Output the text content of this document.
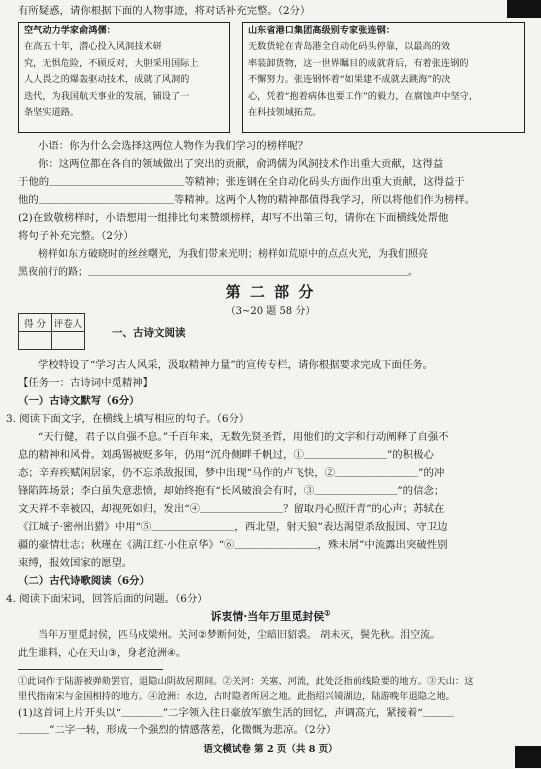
有所疑惑，请你根据下面的人物事迹，将对话补充完整。（2分）
空气动力学家俞鸿儒：
在高五十年，潜心投入风洞技术研
究，无惧危险，不顾反对，大胆采用国际上
人人畏之的爆轰驱动技术，成就了风洞的
迭代，为我国航天事业的发展，铺设了一
条坚实道路。
山东省港口集团高级别专家张连钢：
无数货轮在青岛港全自动化码头停靠，以最高的效
率装卸货物，这一世界瞩目的成就背后，有着张连钢的
不懈努力。张连钢怀着“如果建不成就去跳海”的决
心，凭着“抱着病体也要工作”的毅力，在腐蚀声中坚守，
在科技领域拓荒。
小语：你为什么会选择这两位人物作为我们学习的榜样呢？
你：这两位都在各自的领域做出了突出的贡献，俞鸿儒为风洞技术作出重大贡献，这得益
于他的＿＿＿＿＿＿＿＿＿＿＿＿＿等精神；张连钢在全自动化码头方面作出重大贡献，这得益于
他的＿＿＿＿＿＿＿＿＿＿＿＿＿等精神。这两个人物的精神都值得我学习，所以将他们作为榜样。
(2)在致敬榜样时，小语想用一组排比句来赞颂榜样，却写不出第三句，请你在下面横线处帮他
将句子补充完整。（2分）
榜样如东方破晓时的丝丝曙光，为我们带来光明；榜样如荒原中的点点火光，为我们照亮
黑夜前行的路；＿＿＿＿＿＿＿＿＿＿＿＿＿＿＿＿＿＿＿＿＿＿＿＿＿＿＿＿＿＿＿＿。
第 二 部 分
（3~20 题 58 分）
得 分	评卷人

一、古诗文阅读
学校特设了“学习古人风采，汲取精神力量”的宣传专栏，请你根据要求完成下面任务。
【任务一：古诗词中觅精神】
（一）古诗文默写（6分）
3. 阅读下面文字，在横线上填写相应的句子。（6分）
“天行健，君子以自强不息。”千百年来，无数先贤圣哲，用他们的文字和行动阐释了自强不
息的精神和风骨。刘禹锡被贬多年，仍用“沉舟侧畔千帆过，①＿＿＿＿＿＿＿＿”的积极心
态；辛弃疾赋闲居家，仍不忘杀敌报国，梦中出现“马作的卢飞快，②＿＿＿＿＿＿＿＿”的冲
锋陷阵场景；李白虽失意悲愤，却始终抱有“长风破浪会有时，③＿＿＿＿＿＿＿＿”的信念；
文天祥不幸被囚，却视死如归，发出“④＿＿＿＿＿＿＿＿？留取丹心照汗青”的心声；苏轼在
《江城子·密州出猎》中用“⑤＿＿＿＿＿＿＿＿，西北望，射天狼”表达渴望杀敌报国、守卫边
疆的豪情壮志；秋瑾在《满江红·小住京华》“⑥＿＿＿＿＿＿＿＿，殊未屑”中流露出突破性别
束缚，报效国家的愿望。
（二）古代诗歌阅读（6分）
4. 阅读下面宋词，回答后面的问题。（6分）
诉衷情·当年万里觅封侯①
当年万里觅封侯，匹马戍梁州。关河②梦断何处，尘暗旧貂裘。 胡未灭，鬓先秋。泪空流。
此生谁料，心在天山③，身老沧洲④。
①此词作于陆游被弹劾罢官，退隐山阴故居期间。②关河：关塞、河流，此处泛指前线险要的地方。③天山：这
里代指南宋与金国相持的地方。④沧洲：水边，古时隐者所居之地。此指绍兴镜湖边，陆游晚年退隐之地。
(1)这首词上片开头以“＿＿＿＿”二字领入往日豪放军旅生活的回忆，声调高亢，紧接着“＿＿＿
＿＿＿”二字一转，形成一个强烈的情感落差，化微慨为悲凉。（2分）
语文模试卷 第 2 页（共 8 页）
